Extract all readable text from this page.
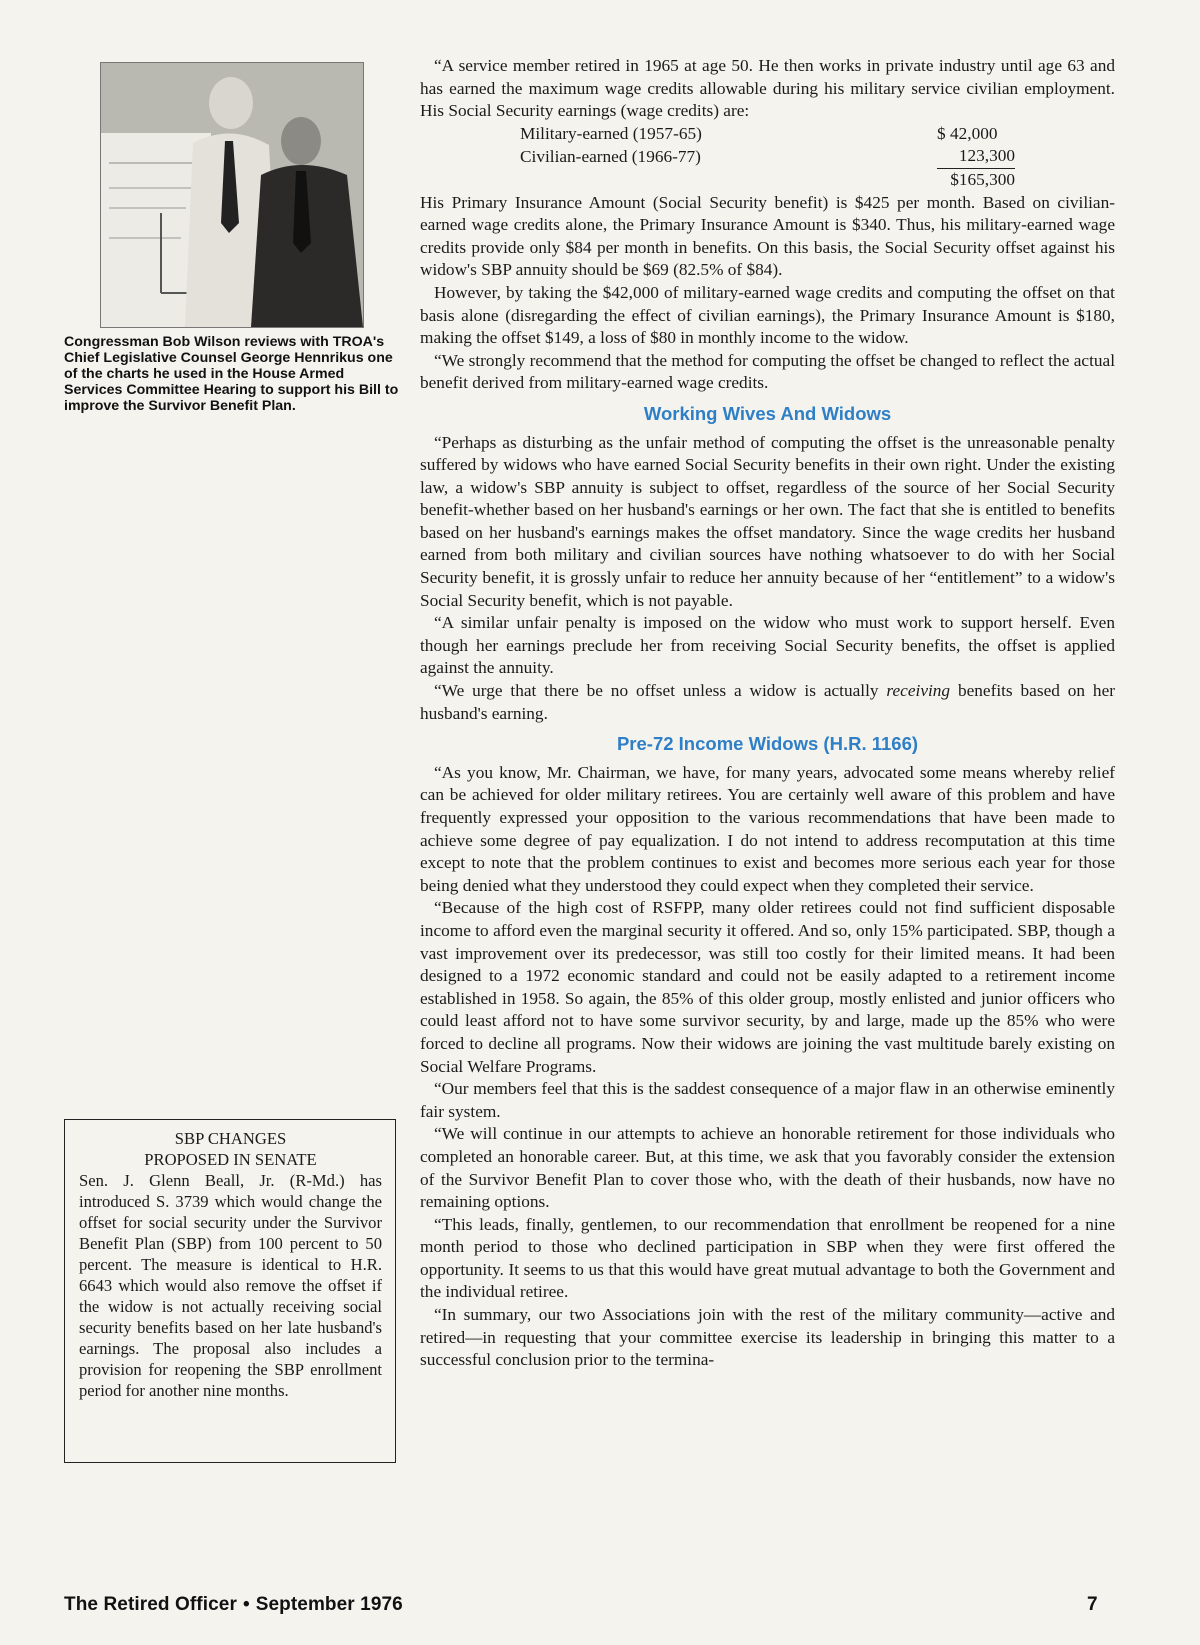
Congressman Bob Wilson reviews with TROA's Chief Legislative Counsel George Hennrikus one of the charts he used in the House Armed Services Committee Hearing to support his Bill to improve the Survivor Benefit Plan.
SBP CHANGES
PROPOSED IN SENATE
Sen. J. Glenn Beall, Jr. (R-Md.) has introduced S. 3739 which would change the offset for social security under the Survivor Benefit Plan (SBP) from 100 percent to 50 percent. The measure is identical to H.R. 6643 which would also remove the offset if the widow is not actually receiving social security benefits based on her late husband's earnings. The proposal also includes a provision for reopening the SBP enrollment period for another nine months.

“A service member retired in 1965 at age 50. He then works in private industry until age 63 and has earned the maximum wage credits allowable during his military service civilian employment. His Social Security earnings (wage credits) are:

Military-earned (1957-65)	$ 42,000
Civilian-earned (1966-77)	123,300
	$165,300

His Primary Insurance Amount (Social Security benefit) is $425 per month. Based on civilian-earned wage credits alone, the Primary Insurance Amount is $340. Thus, his military-earned wage credits provide only $84 per month in benefits. On this basis, the Social Security offset against his widow's SBP annuity should be $69 (82.5% of $84).

However, by taking the $42,000 of military-earned wage credits and computing the offset on that basis alone (disregarding the effect of civilian earnings), the Primary Insurance Amount is $180, making the offset $149, a loss of $80 in monthly income to the widow.

“We strongly recommend that the method for computing the offset be changed to reflect the actual benefit derived from military-earned wage credits.

Working Wives And Widows

“Perhaps as disturbing as the unfair method of computing the offset is the unreasonable penalty suffered by widows who have earned Social Security benefits in their own right. Under the existing law, a widow's SBP annuity is subject to offset, regardless of the source of her Social Security benefit-whether based on her husband's earnings or her own. The fact that she is entitled to benefits based on her husband's earnings makes the offset mandatory. Since the wage credits her husband earned from both military and civilian sources have nothing whatsoever to do with her Social Security benefit, it is grossly unfair to reduce her annuity because of her “entitlement” to a widow's Social Security benefit, which is not payable.

“A similar unfair penalty is imposed on the widow who must work to support herself. Even though her earnings preclude her from receiving Social Security benefits, the offset is applied against the annuity.

“We urge that there be no offset unless a widow is actually receiving benefits based on her husband's earning.

Pre-72 Income Widows (H.R. 1166)

“As you know, Mr. Chairman, we have, for many years, advocated some means whereby relief can be achieved for older military retirees. You are certainly well aware of this problem and have frequently expressed your opposition to the various recommendations that have been made to achieve some degree of pay equalization. I do not intend to address recomputation at this time except to note that the problem continues to exist and becomes more serious each year for those being denied what they understood they could expect when they completed their service.

“Because of the high cost of RSFPP, many older retirees could not find sufficient disposable income to afford even the marginal security it offered. And so, only 15% participated. SBP, though a vast improvement over its predecessor, was still too costly for their limited means. It had been designed to a 1972 economic standard and could not be easily adapted to a retirement income established in 1958. So again, the 85% of this older group, mostly enlisted and junior officers who could least afford not to have some survivor security, by and large, made up the 85% who were forced to decline all programs. Now their widows are joining the vast multitude barely existing on Social Welfare Programs.

“Our members feel that this is the saddest consequence of a major flaw in an otherwise eminently fair system.

“We will continue in our attempts to achieve an honorable retirement for those individuals who completed an honorable career. But, at this time, we ask that you favorably consider the extension of the Survivor Benefit Plan to cover those who, with the death of their husbands, now have no remaining options.

“This leads, finally, gentlemen, to our recommendation that enrollment be reopened for a nine month period to those who declined participation in SBP when they were first offered the opportunity. It seems to us that this would have great mutual advantage to both the Government and the individual retiree.

“In summary, our two Associations join with the rest of the military community—active and retired—in requesting that your committee exercise its leadership in bringing this matter to a successful conclusion prior to the termina-

The Retired Officer • September 1976	7
